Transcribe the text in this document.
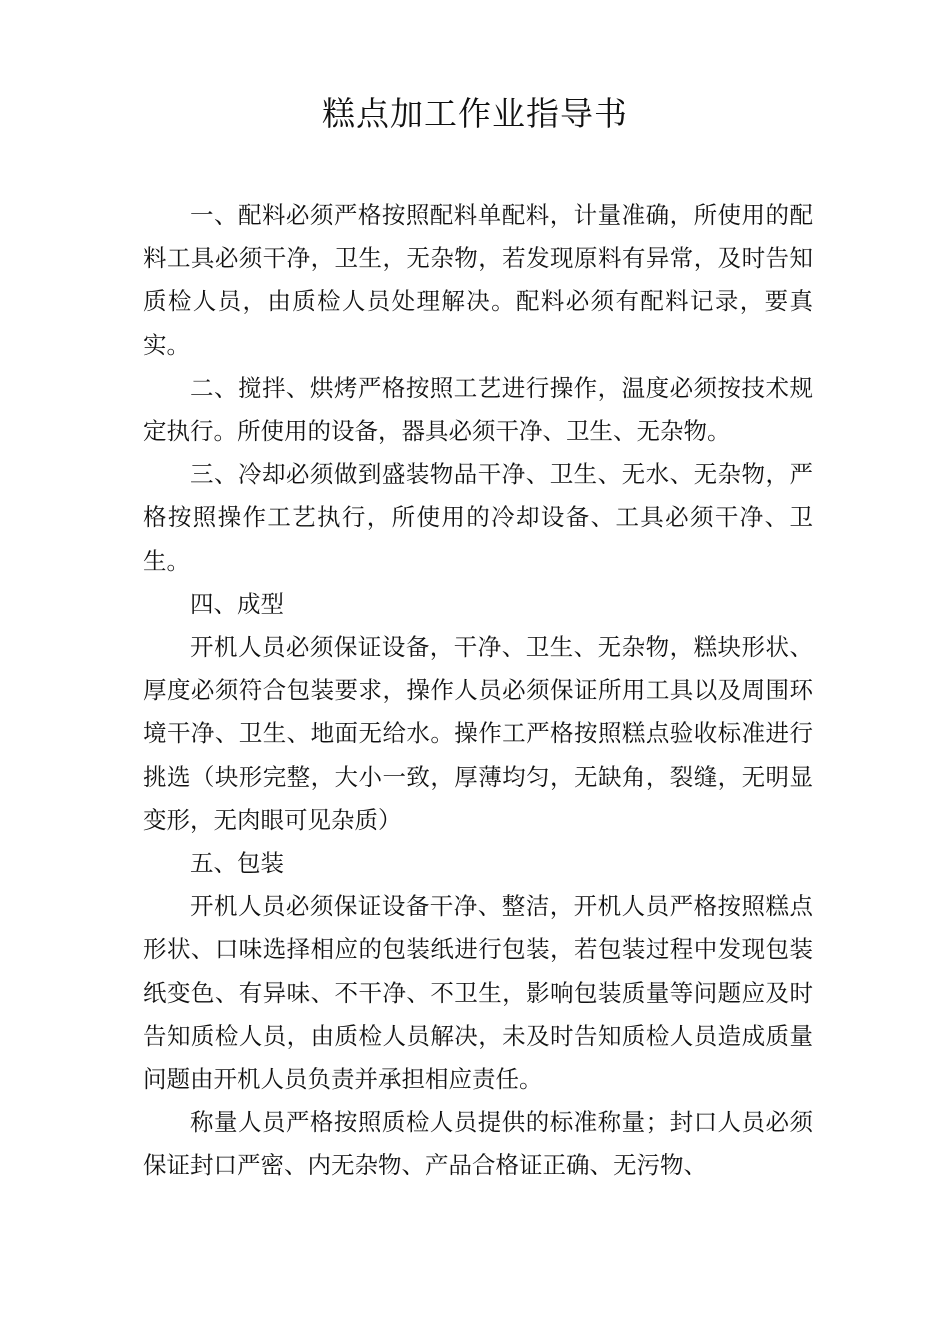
糕点加工作业指导书

一、配料必须严格按照配料单配料，计量准确，所使用的配料工具必须干净，卫生，无杂物，若发现原料有异常，及时告知质检人员，由质检人员处理解决。配料必须有配料记录，要真实。

二、搅拌、烘烤严格按照工艺进行操作，温度必须按技术规定执行。所使用的设备，器具必须干净、卫生、无杂物。

三、冷却必须做到盛装物品干净、卫生、无水、无杂物，严格按照操作工艺执行，所使用的冷却设备、工具必须干净、卫生。

四、成型

开机人员必须保证设备，干净、卫生、无杂物，糕块形状、厚度必须符合包装要求，操作人员必须保证所用工具以及周围环境干净、卫生、地面无给水。操作工严格按照糕点验收标准进行挑选（块形完整，大小一致，厚薄均匀，无缺角，裂缝，无明显变形，无肉眼可见杂质）

五、包装

开机人员必须保证设备干净、整洁，开机人员严格按照糕点形状、口味选择相应的包装纸进行包装，若包装过程中发现包装纸变色、有异味、不干净、不卫生，影响包装质量等问题应及时告知质检人员，由质检人员解决，未及时告知质检人员造成质量问题由开机人员负责并承担相应责任。

称量人员严格按照质检人员提供的标准称量；封口人员必须保证封口严密、内无杂物、产品合格证正确、无污物、
